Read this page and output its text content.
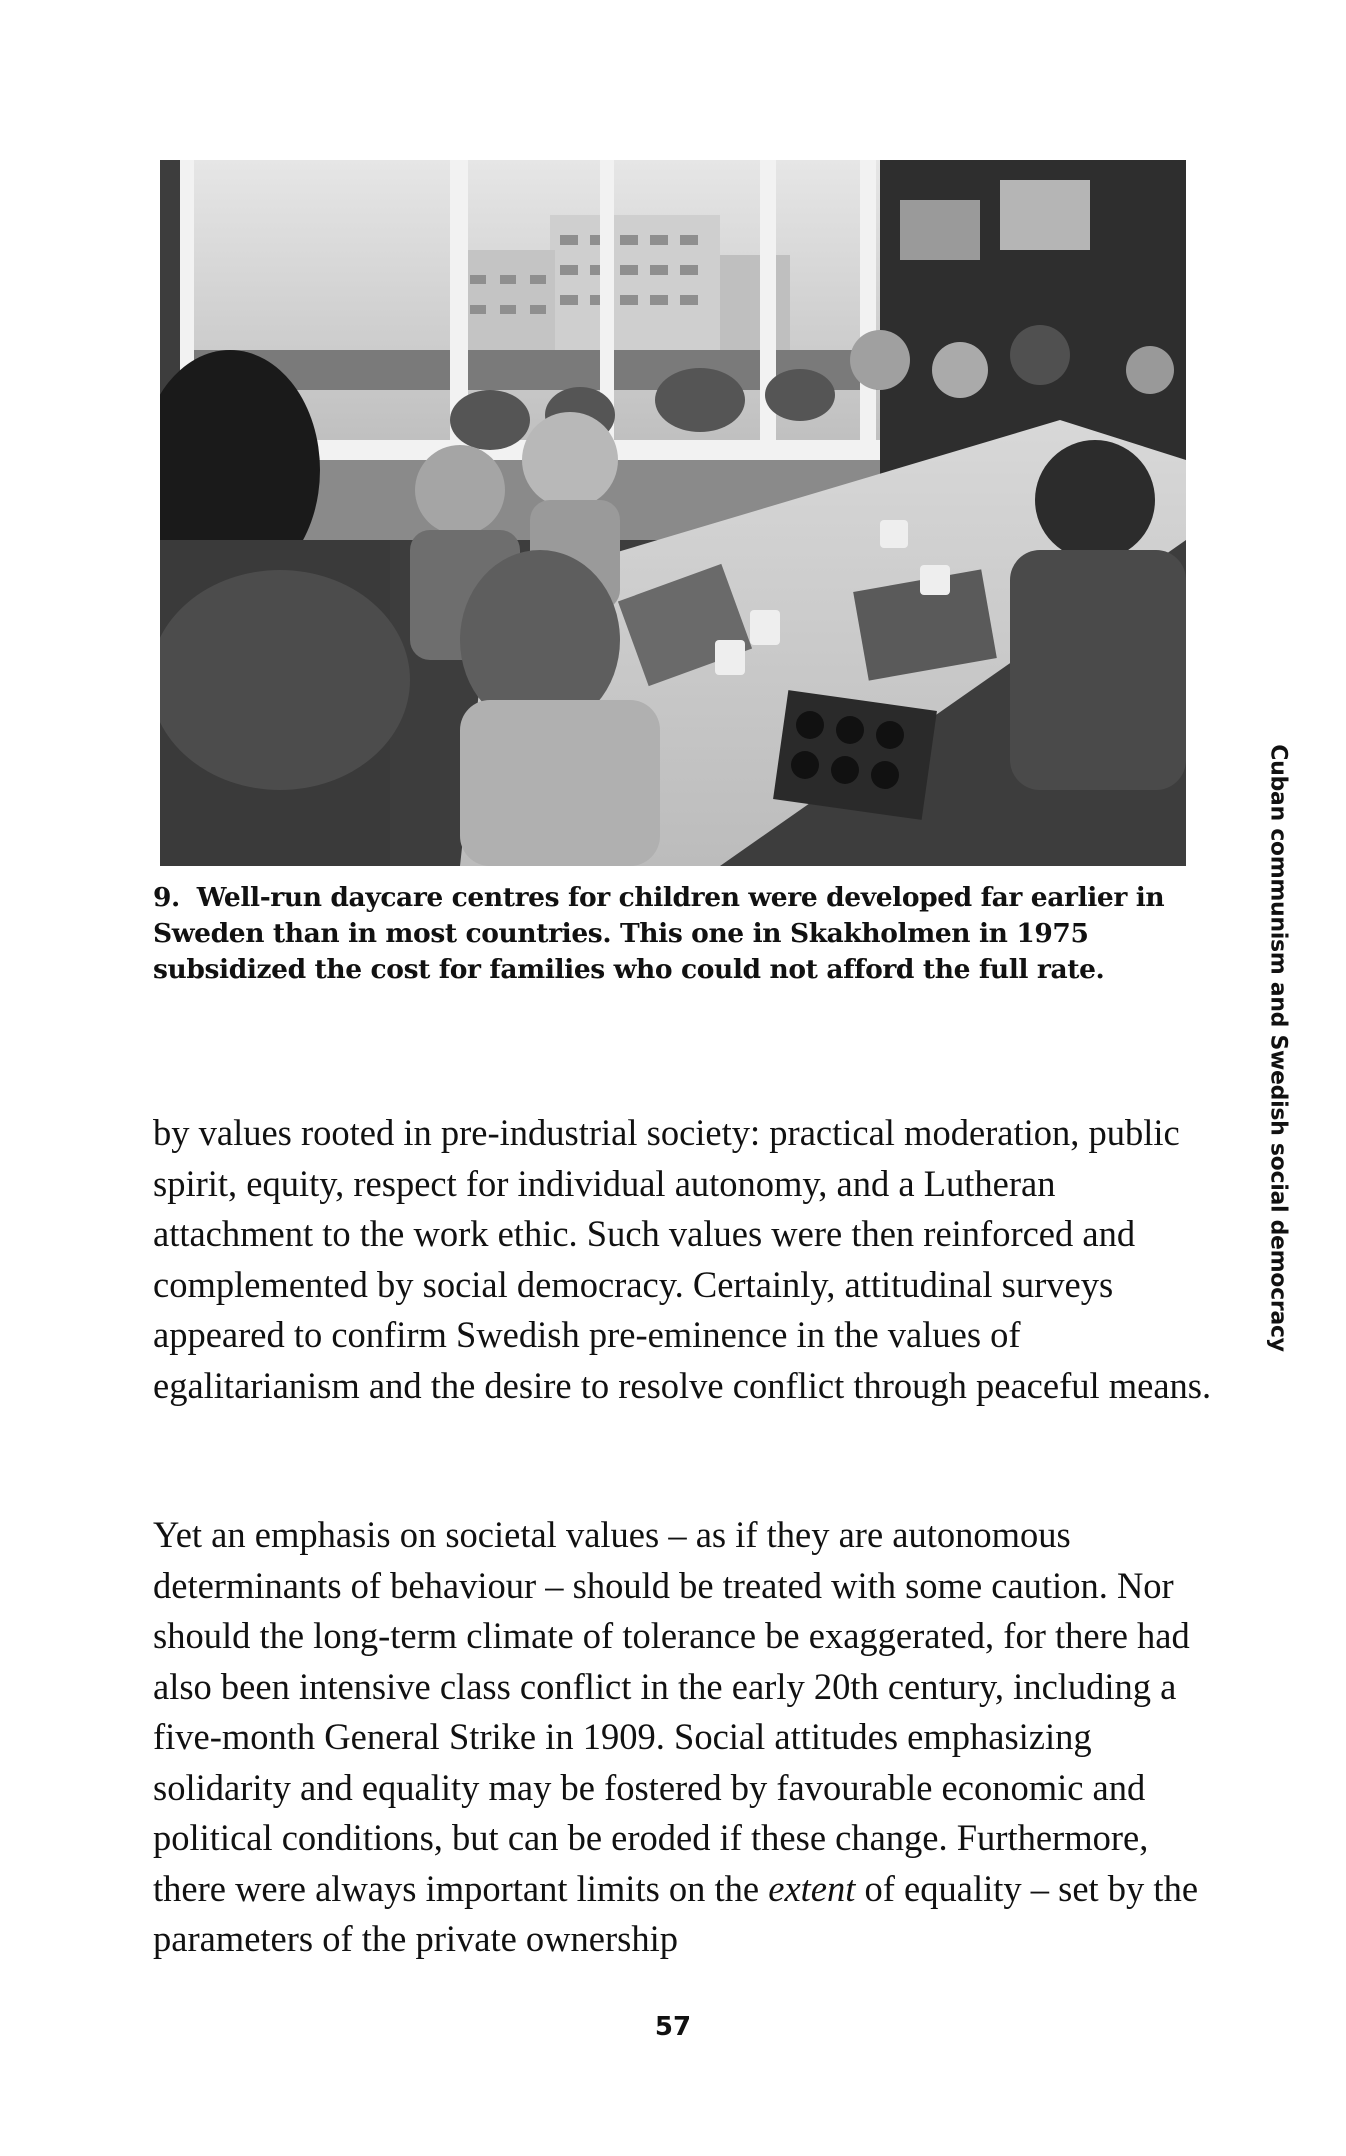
9. Well-run daycare centres for children were developed far earlier in Sweden than in most countries. This one in Skakholmen in 1975 subsidized the cost for families who could not afford the full rate.

by values rooted in pre-industrial society: practical moderation, public spirit, equity, respect for individual autonomy, and a Lutheran attachment to the work ethic. Such values were then reinforced and complemented by social democracy. Certainly, attitudinal surveys appeared to confirm Swedish pre-eminence in the values of egalitarianism and the desire to resolve conflict through peaceful means.

Yet an emphasis on societal values – as if they are autonomous determinants of behaviour – should be treated with some caution. Nor should the long-term climate of tolerance be exaggerated, for there had also been intensive class conflict in the early 20th century, including a five-month General Strike in 1909. Social attitudes emphasizing solidarity and equality may be fostered by favourable economic and political conditions, but can be eroded if these change. Furthermore, there were always important limits on the extent of equality – set by the parameters of the private ownership

Cuban communism and Swedish social democracy
57
